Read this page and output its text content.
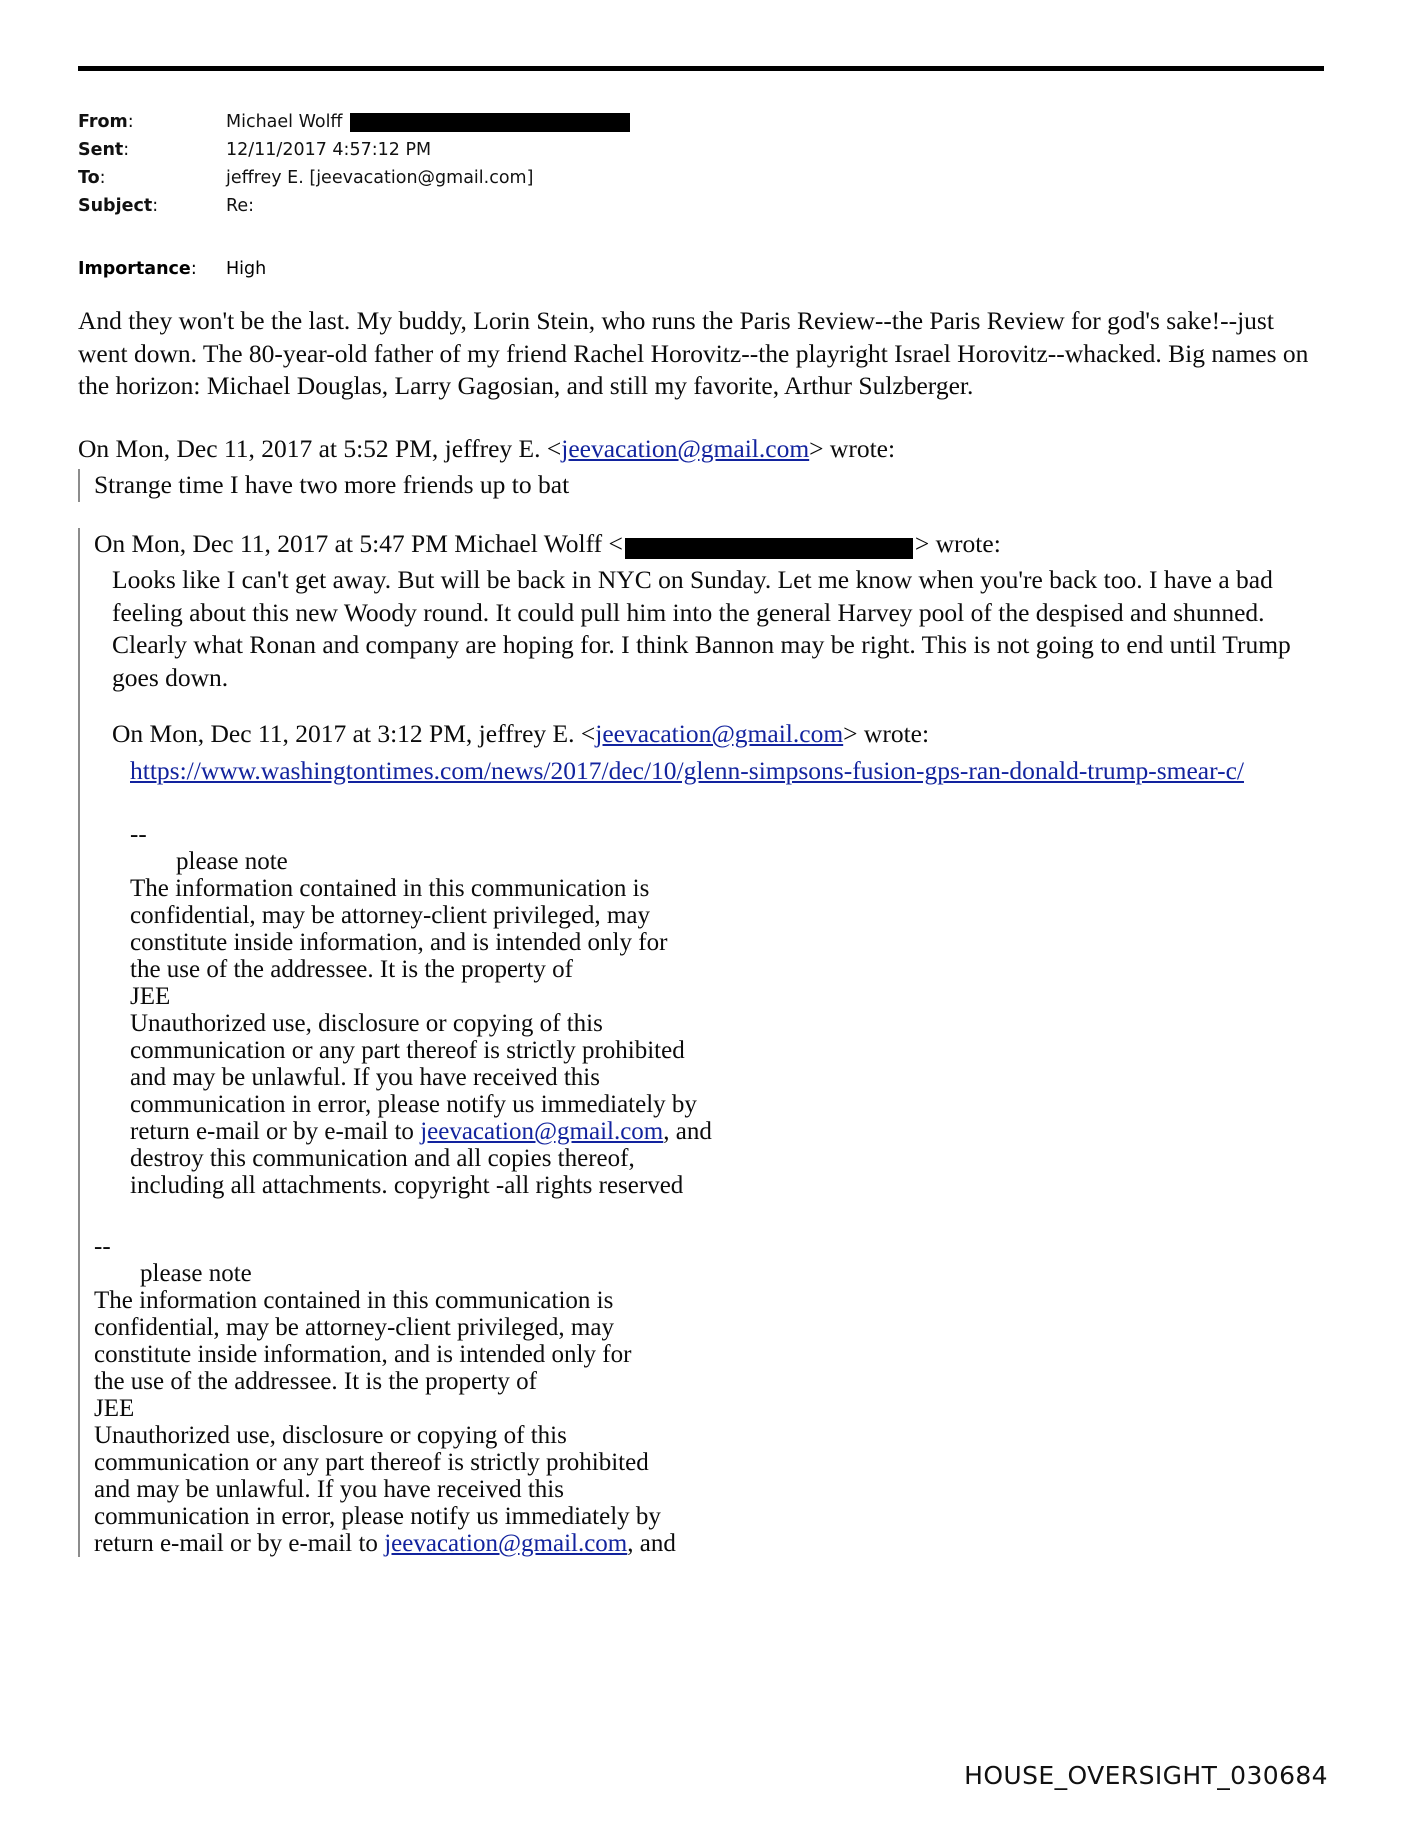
From:	Michael Wolff
Sent:	12/11/2017 4:57:12 PM
To:	jeffrey E. [jeevacation@gmail.com]
Subject:	Re:
Importance:	High

And they won't be the last. My buddy, Lorin Stein, who runs the Paris Review--the Paris Review for god's sake!--just went down. The 80-year-old father of my friend Rachel Horovitz--the playright Israel Horovitz--whacked. Big names on the horizon: Michael Douglas, Larry Gagosian, and still my favorite, Arthur Sulzberger.

On Mon, Dec 11, 2017 at 5:52 PM, jeffrey E. <jeevacation@gmail.com> wrote:

Strange time I have two more friends up to bat

On Mon, Dec 11, 2017 at 5:47 PM Michael Wolff <	> wrote:

Looks like I can't get away. But will be back in NYC on Sunday. Let me know when you're back too. I have a bad feeling about this new Woody round. It could pull him into the general Harvey pool of the despised and shunned. Clearly what Ronan and company are hoping for. I think Bannon may be right. This is not going to end until Trump goes down.

On Mon, Dec 11, 2017 at 3:12 PM, jeffrey E. <jeevacation@gmail.com> wrote:

https://www.washingtontimes.com/news/2017/dec/10/glenn-simpsons-fusion-gps-ran-donald-trump-smear-c/

--

please note

The information contained in this communication is

confidential, may be attorney-client privileged, may

constitute inside information, and is intended only for

the use of the addressee. It is the property of

JEE

Unauthorized use, disclosure or copying of this

communication or any part thereof is strictly prohibited

and may be unlawful. If you have received this

communication in error, please notify us immediately by

return e-mail or by e-mail to jeevacation@gmail.com, and

destroy this communication and all copies thereof,

including all attachments. copyright -all rights reserved

--

please note

The information contained in this communication is

confidential, may be attorney-client privileged, may

constitute inside information, and is intended only for

the use of the addressee. It is the property of

JEE

Unauthorized use, disclosure or copying of this

communication or any part thereof is strictly prohibited

and may be unlawful. If you have received this

communication in error, please notify us immediately by

return e-mail or by e-mail to jeevacation@gmail.com, and

HOUSE_OVERSIGHT_030684
